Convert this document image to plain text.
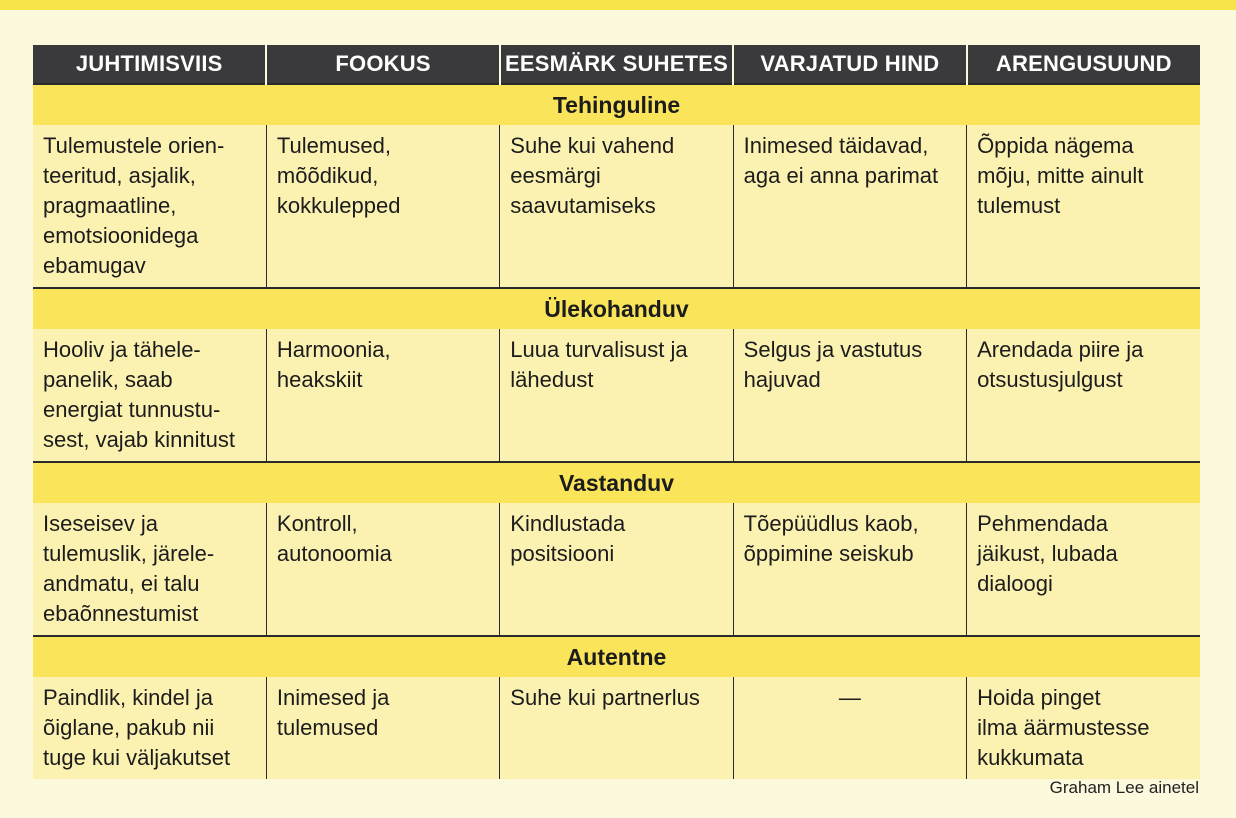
JUHTIMISVIIS	FOOKUS	EESMÄRK SUHETES	VARJATUD HIND	ARENGUSUUND
Tehinguline				
Tulemustele orien-
teeritud, asjalik,
pragmaatline,
emotsioonidega
ebamugav	Tulemused,
mõõdikud,
kokkulepped	Suhe kui vahend
eesmärgi
saavutamiseks	Inimesed täidavad,
aga ei anna parimat	Õppida nägema
mõju, mitte ainult
tulemust
Ülekohanduv				
Hooliv ja tähele-
panelik, saab
energiat tunnustu-
sest, vajab kinnitust	Harmoonia,
heakskiit	Luua turvalisust ja
lähedust	Selgus ja vastutus
hajuvad	Arendada piire ja
otsustusjulgust
Vastanduv				
Iseseisev ja
tulemuslik, järele-
andmatu, ei talu
ebaõnnestumist	Kontroll,
autonoomia	Kindlustada
positsiooni	Tõepüüdlus kaob,
õppimine seiskub	Pehmendada
jäikust, lubada
dialoogi
Autentne				
Paindlik, kindel ja
õiglane, pakub nii
tuge kui väljakutset	Inimesed ja
tulemused	Suhe kui partnerlus	—	Hoida pinget
ilma äärmustesse
kukkumata
Graham Lee ainetel
